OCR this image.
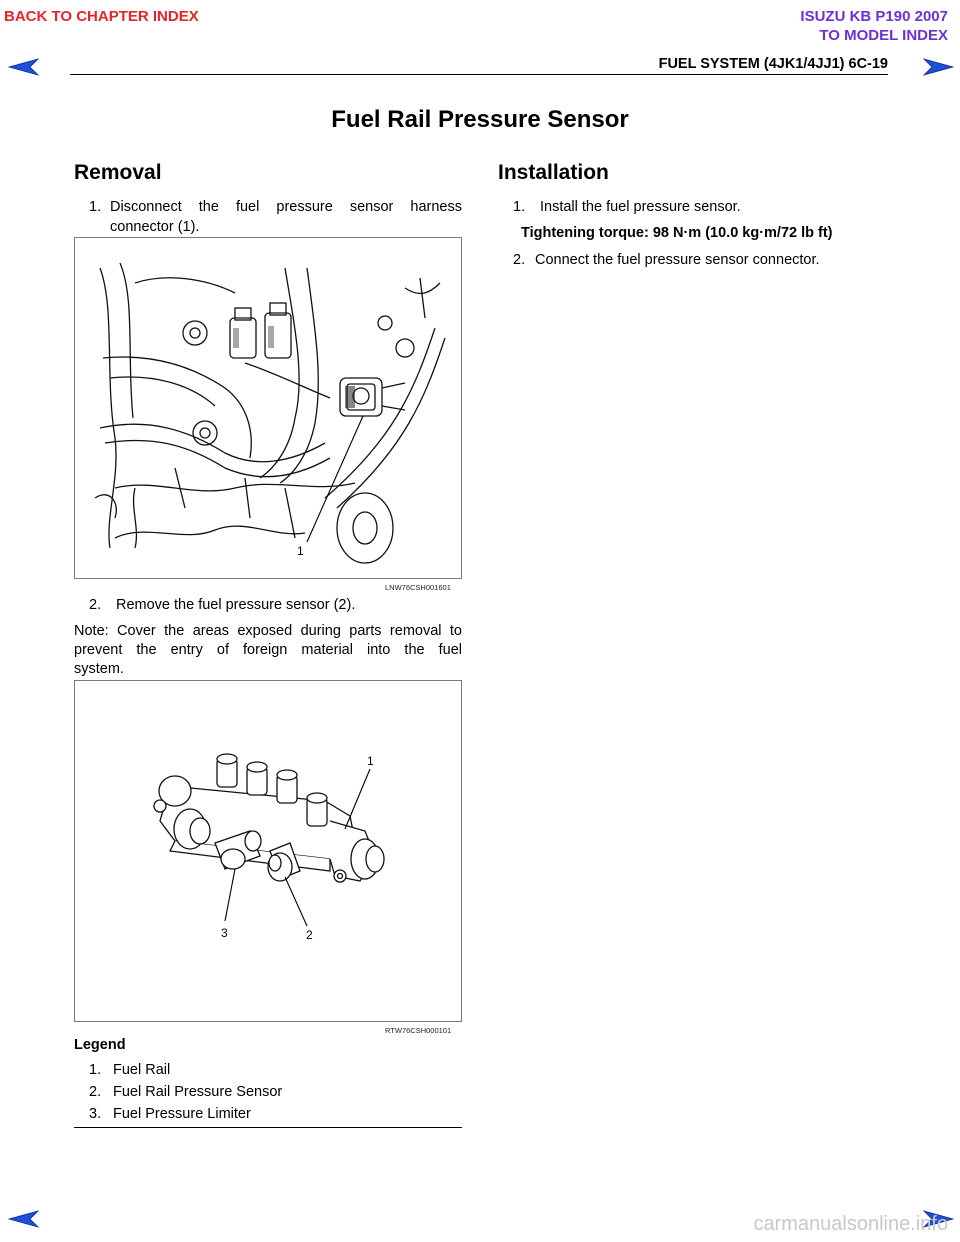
BACK TO CHAPTER INDEX	ISUZU KB P190 2007
TO MODEL INDEX
FUEL SYSTEM (4JK1/4JJ1) 6C-19
Fuel Rail Pressure Sensor
Removal
1. Disconnect the fuel pressure sensor harness
connector (1).
1
LNW76CSH001601
2. Remove the fuel pressure sensor (2).
Note: Cover the areas exposed during parts removal to
prevent the entry of foreign material into the fuel
system.
1
2
3
RTW76CSH000101
Legend
1. Fuel Rail
2. Fuel Rail Pressure Sensor
3. Fuel Pressure Limiter
Installation
1. Install the fuel pressure sensor.
Tightening torque: 98 N·m (10.0 kg·m/72 lb ft)
2. Connect the fuel pressure sensor connector.
carmanualsonline.info
